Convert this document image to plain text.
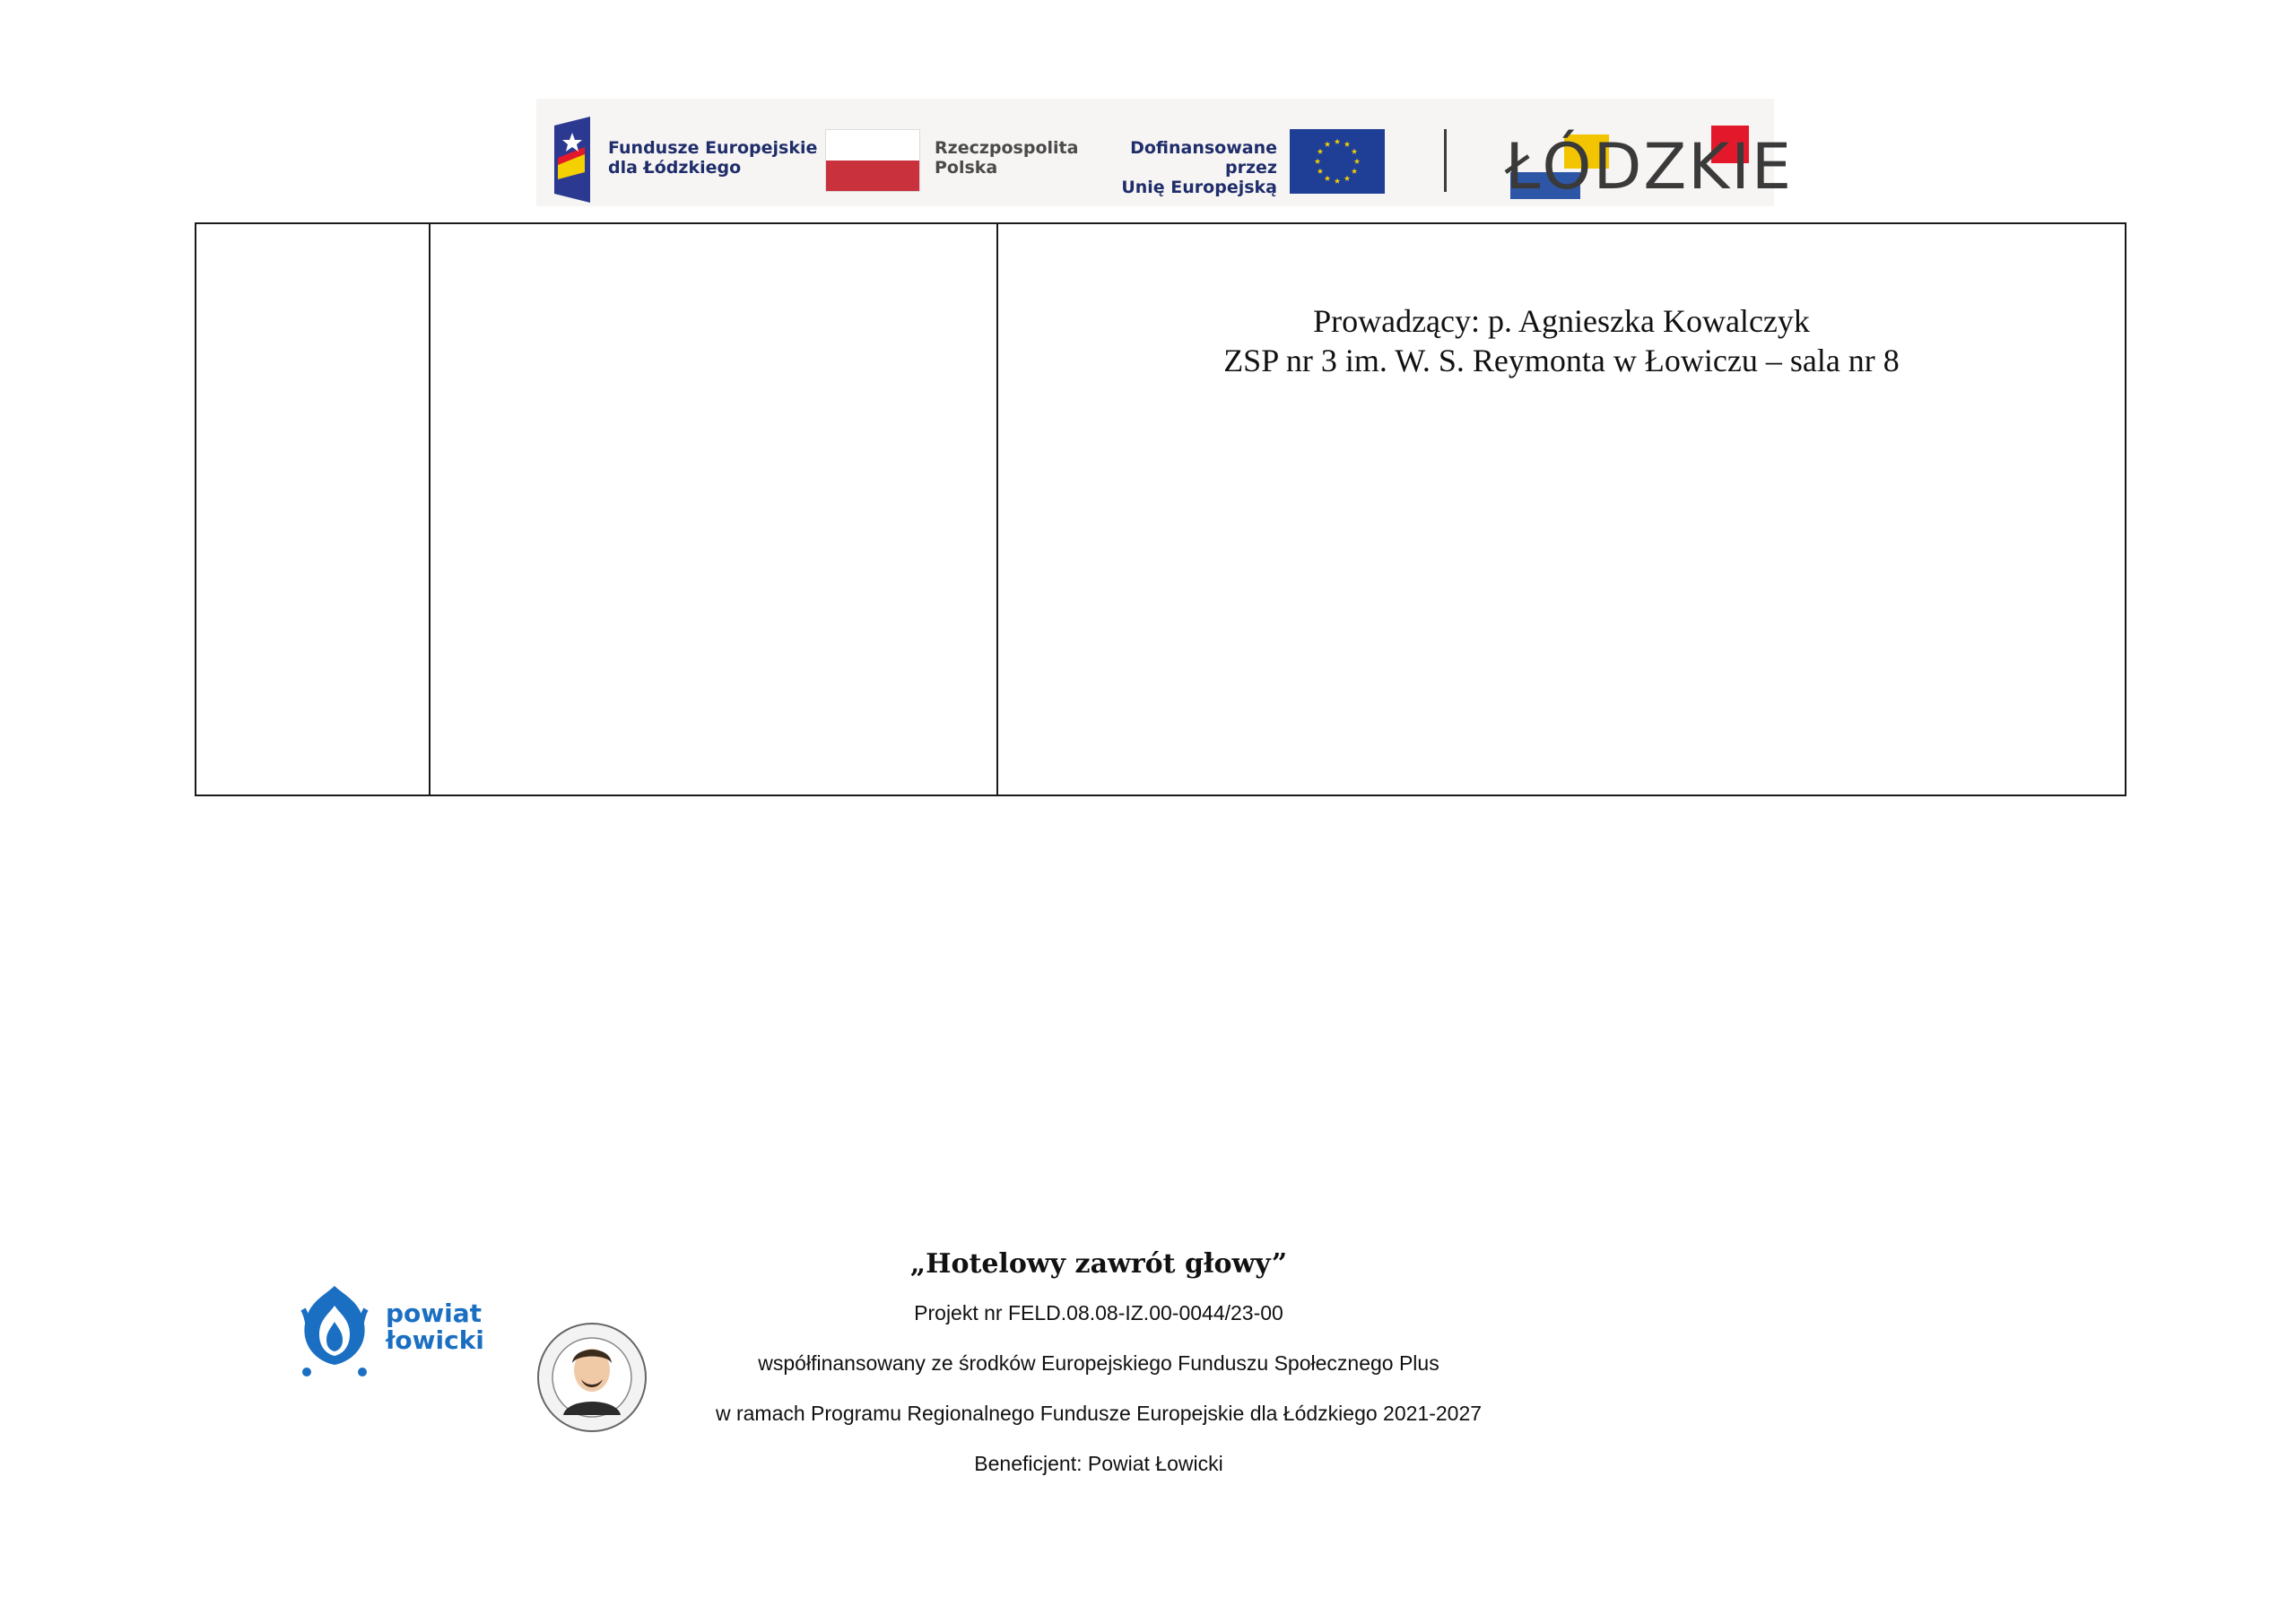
Fundusze Europejskie
dla Łódzkiego
Rzeczpospolita
Polska
Dofinansowane przez
Unię Europejską	ŁÓDZKIE
Prowadzący: p. Agnieszka Kowalczyk
ZSP nr 3 im. W. S. Reymonta w Łowiczu – sala nr 8
powiat
łowicki
„Hotelowy zawrót głowy”
Projekt nr FELD.08.08-IZ.00-0044/23-00
współfinansowany ze środków Europejskiego Funduszu Społecznego Plus
w ramach Programu Regionalnego Fundusze Europejskie dla Łódzkiego 2021-2027
Beneficjent: Powiat Łowicki
